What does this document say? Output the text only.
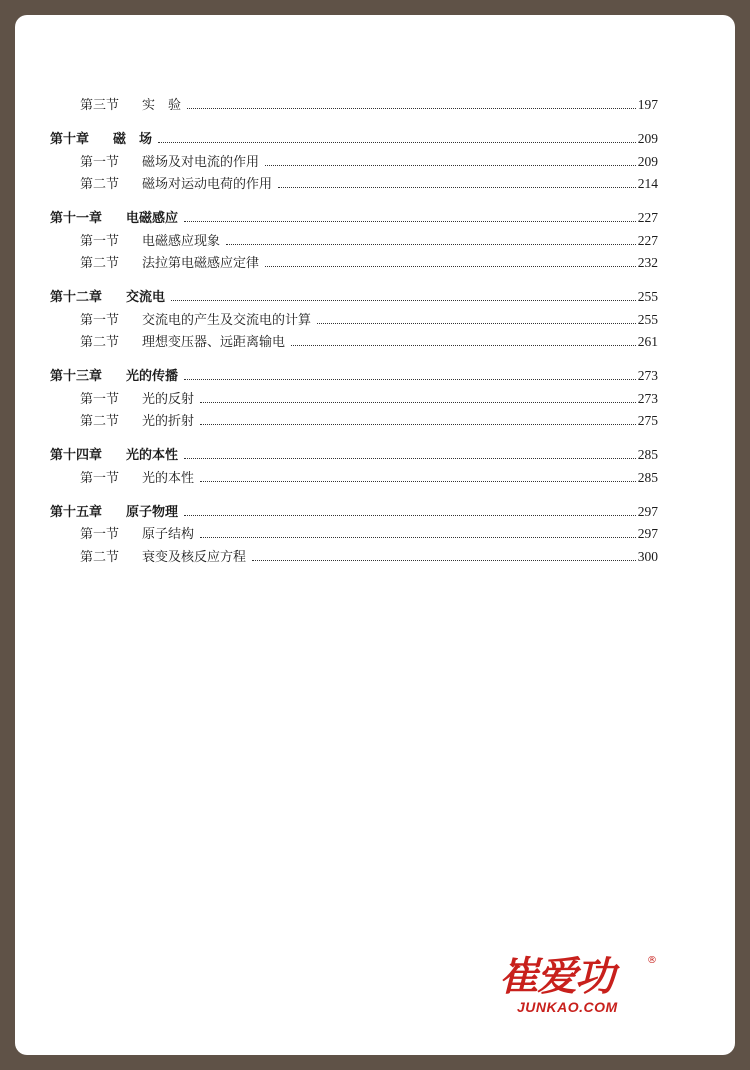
第三节	实　验	197
第十章	磁　场	209
第一节	磁场及对电流的作用	209
第二节	磁场对运动电荷的作用	214
第十一章	电磁感应	227
第一节	电磁感应现象	227
第二节	法拉第电磁感应定律	232
第十二章	交流电	255
第一节	交流电的产生及交流电的计算	255
第二节	理想变压器、远距离输电	261
第十三章	光的传播	273
第一节	光的反射	273
第二节	光的折射	275
第十四章	光的本性	285
第一节	光的本性	285
第十五章	原子物理	297
第一节	原子结构	297
第二节	衰变及核反应方程	300
崔爱功	®
JUNKAO.COM
